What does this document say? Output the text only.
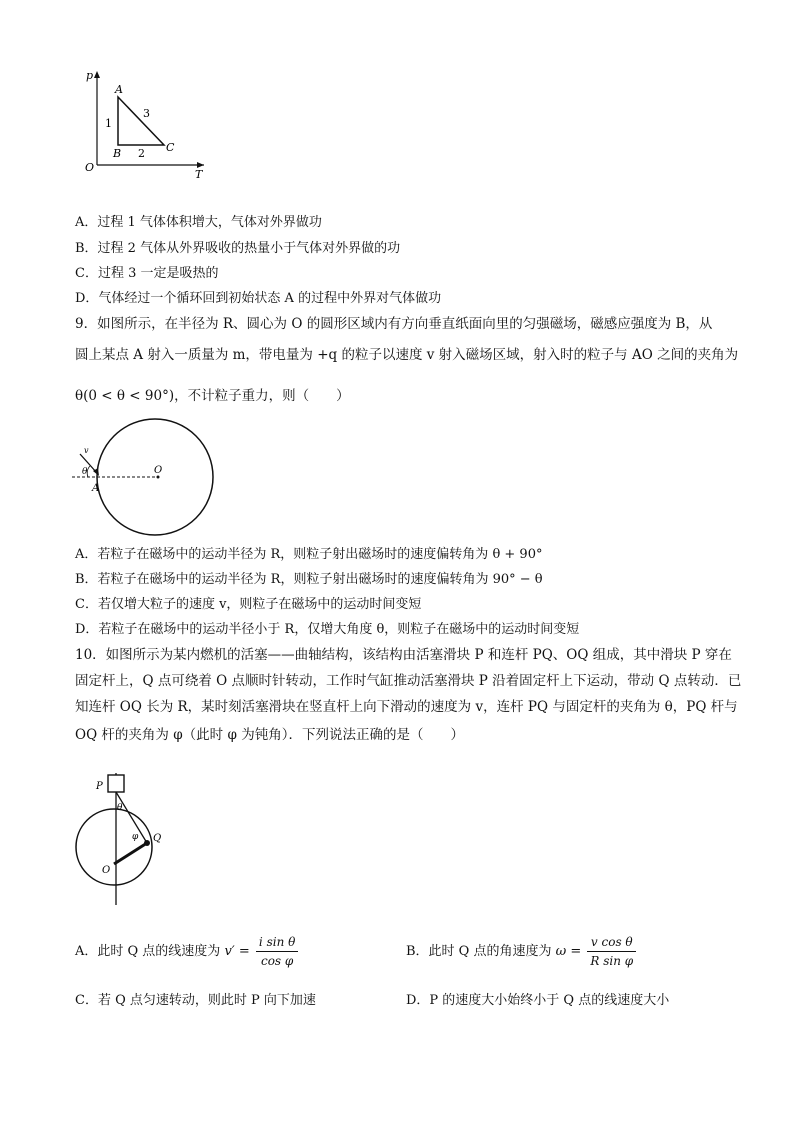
p
T
O
A
B	C
1
2
3
A．过程 1 气体体积增大，气体对外界做功
B．过程 2 气体从外界吸收的热量小于气体对外界做的功
C．过程 3 一定是吸热的
D．气体经过一个循环回到初始状态 A 的过程中外界对气体做功
9．如图所示，在半径为 R、圆心为 O 的圆形区域内有方向垂直纸面向里的匀强磁场，磁感应强度为 B，从
圆上某点 A 射入一质量为 m，带电量为 +q 的粒子以速度 v 射入磁场区域，射入时的粒子与 AO 之间的夹角为
θ(0 < θ < 90°)，不计粒子重力，则（　　）
v
θ
A
O
A．若粒子在磁场中的运动半径为 R，则粒子射出磁场时的速度偏转角为 θ + 90°
B．若粒子在磁场中的运动半径为 R，则粒子射出磁场时的速度偏转角为 90° − θ
C．若仅增大粒子的速度 v，则粒子在磁场中的运动时间变短
D．若粒子在磁场中的运动半径小于 R，仅增大角度 θ，则粒子在磁场中的运动时间变短
10．如图所示为某内燃机的活塞——曲轴结构，该结构由活塞滑块 P 和连杆 PQ、OQ 组成，其中滑块 P 穿在
固定杆上，Q 点可绕着 O 点顺时针转动，工作时气缸推动活塞滑块 P 沿着固定杆上下运动，带动 Q 点转动．已
知连杆 OQ 长为 R，某时刻活塞滑块在竖直杆上向下滑动的速度为 v，连杆 PQ 与固定杆的夹角为 θ，PQ 杆与
OQ 杆的夹角为 φ（此时 φ 为钝角）．下列说法正确的是（　　）
P
θ
φ Q
O
A．此时 Q 点的线速度为 $v' = \frac{\text{i sin θ}}{\text{cos φ}}$	B．此时 Q 点的角速度为 $\omega = \frac{\text{v cos θ}}{\text{R sin φ}}$
C．若 Q 点匀速转动，则此时 P 向下加速	D．P 的速度大小始终小于 Q 点的线速度大小
